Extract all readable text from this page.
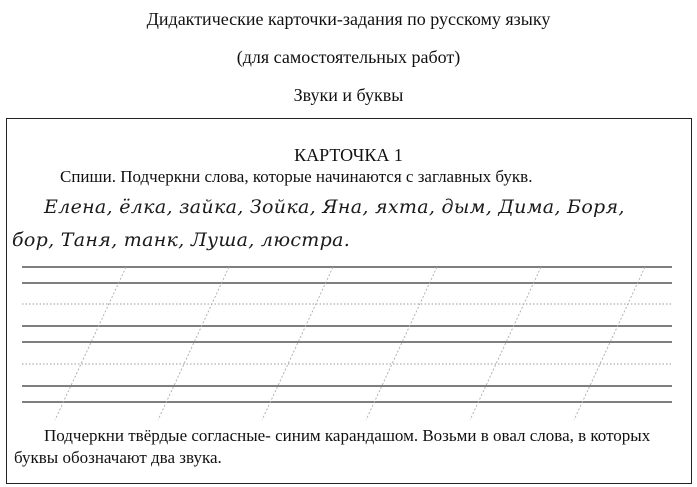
Дидактические карточки-задания по русскому языку
(для самостоятельных работ)
Звуки и буквы
КАРТОЧКА 1
Спиши. Подчеркни слова, которые начинаются с заглавных букв.
Елена, ёлка, зайка, Зойка, Яна, яхта, дым, Дима, Боря,
бор, Таня, танк, Луша, люстра.
Подчеркни твёрдые согласные- синим карандашом. Возьми в овал слова, в которых буквы обозначают два звука.
